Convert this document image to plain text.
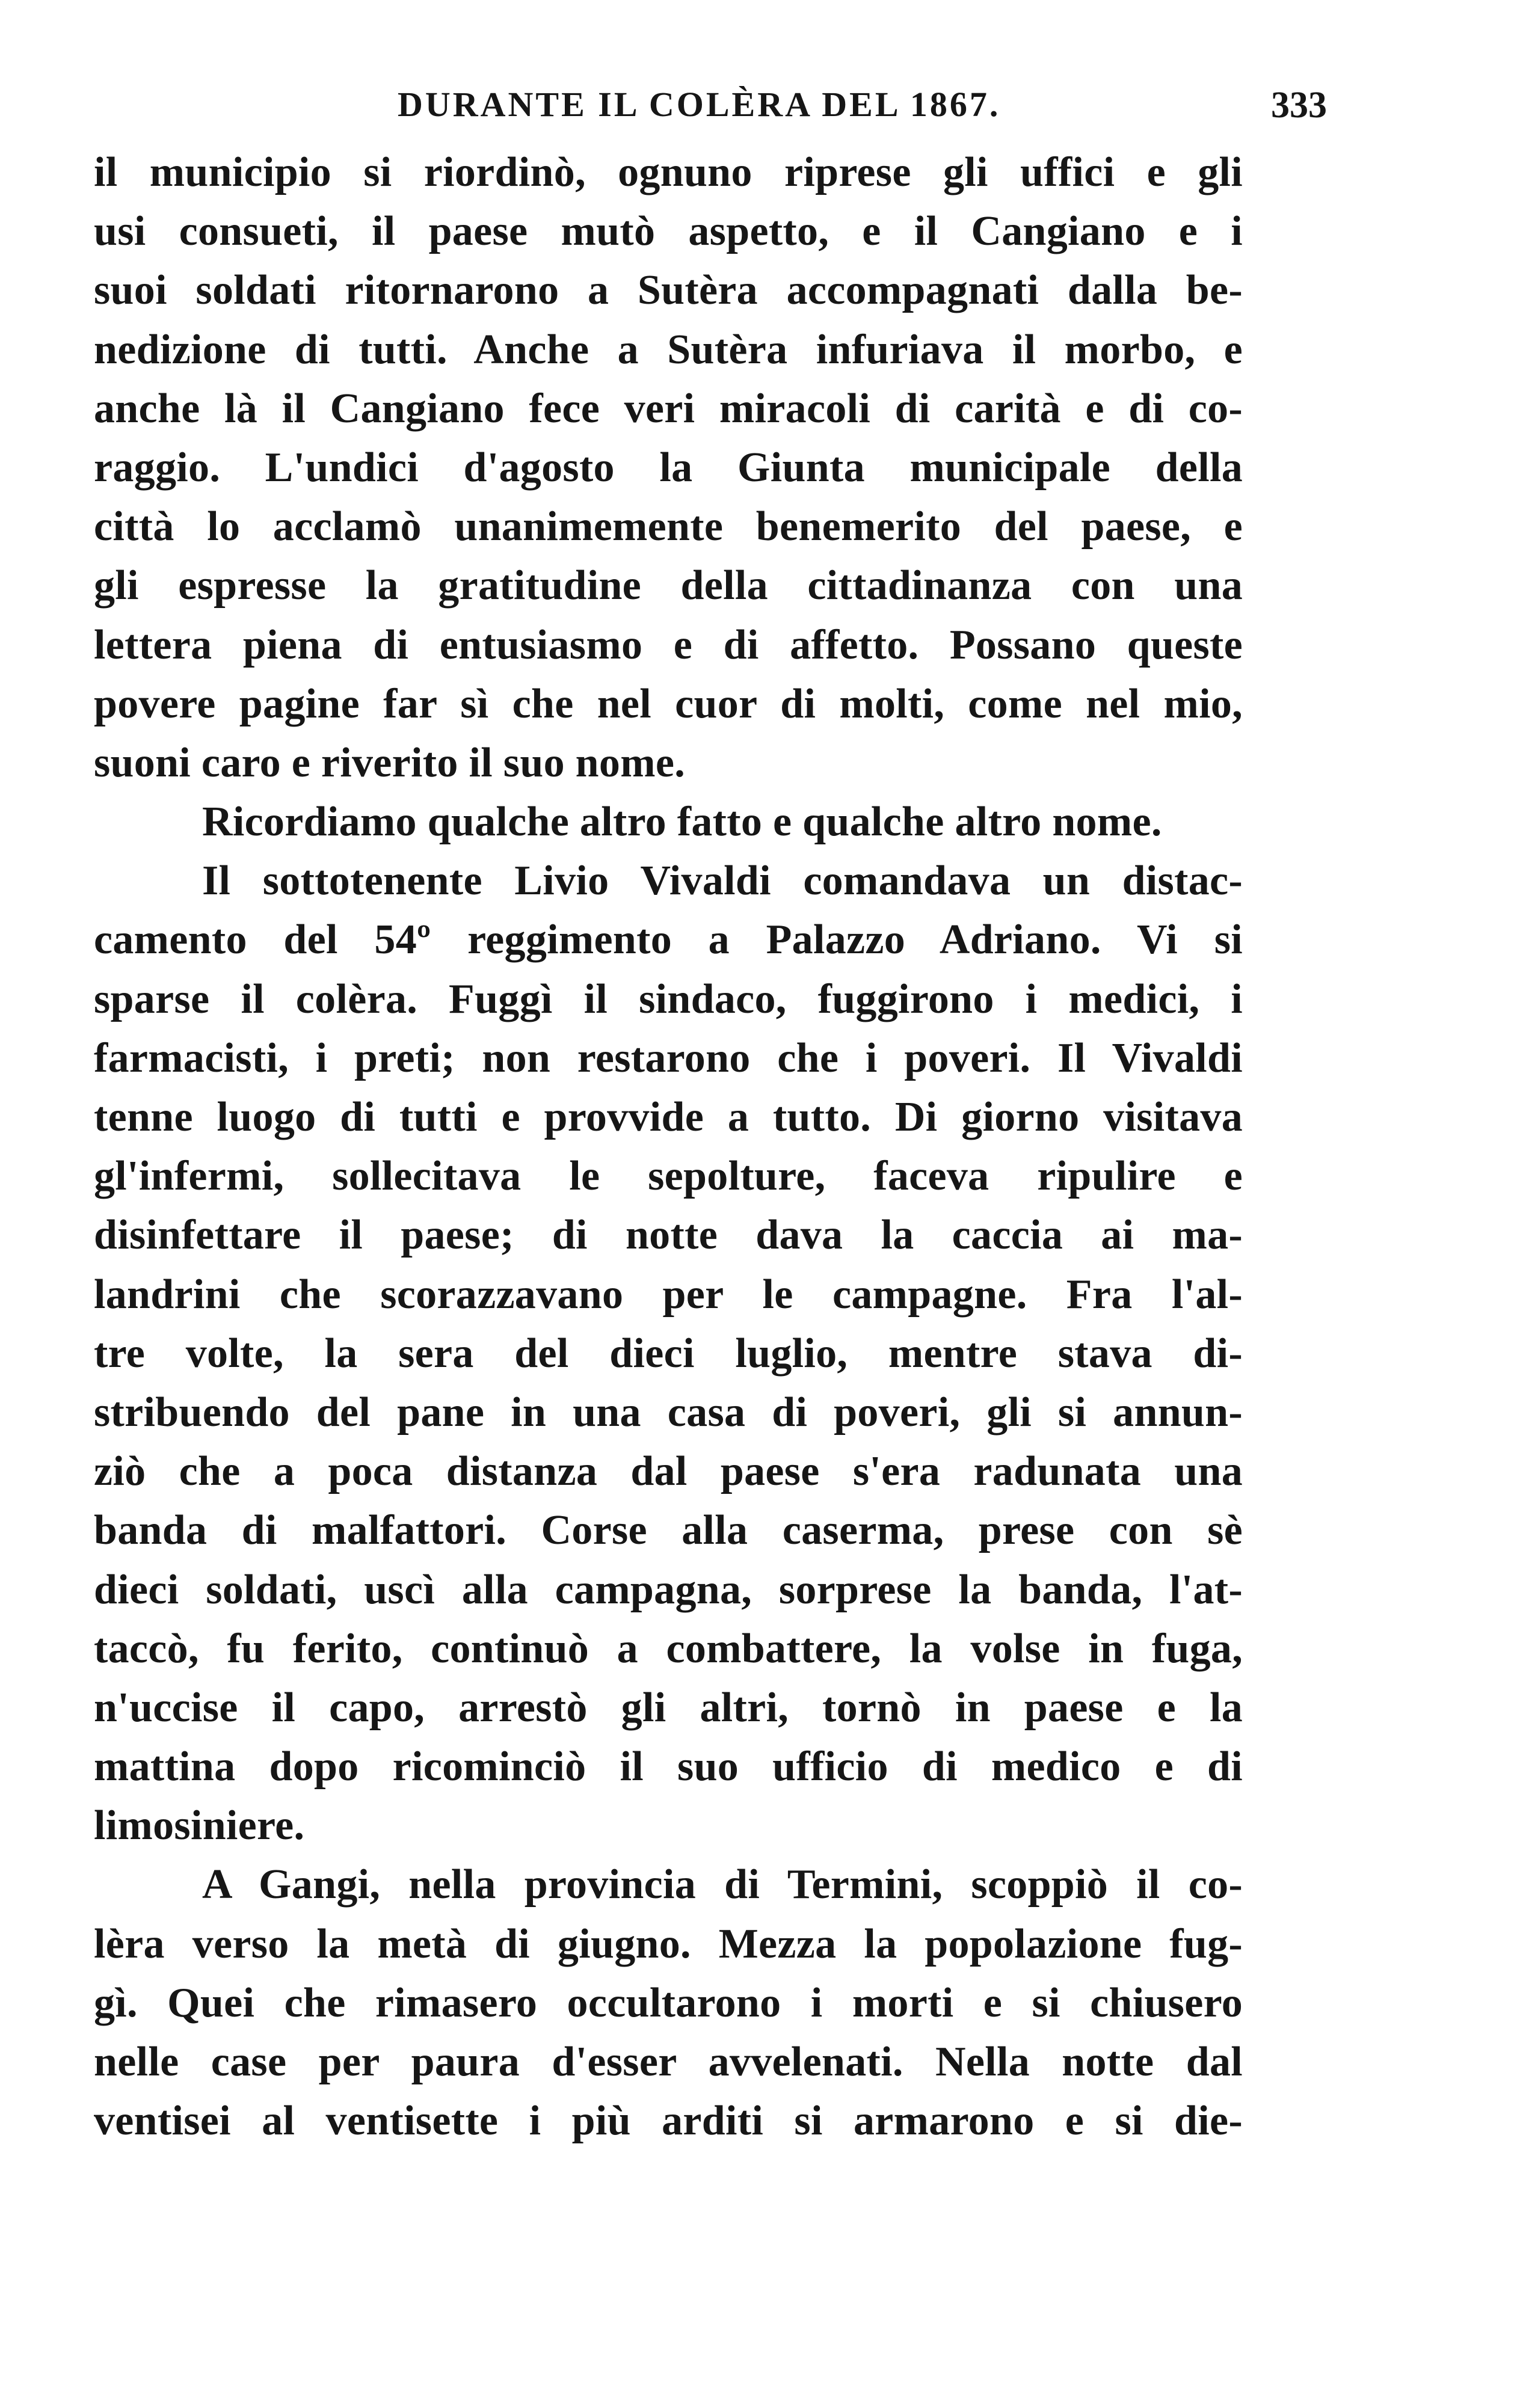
DURANTE IL COLÈRA DEL 1867.	333
il municipio si riordinò, ognuno riprese gli uffici e gli
usi consueti, il paese mutò aspetto, e il Cangiano e i
suoi soldati ritornarono a Sutèra accompagnati dalla be-
nedizione di tutti. Anche a Sutèra infuriava il morbo, e
anche là il Cangiano fece veri miracoli di carità e di co-
raggio. L'undici d'agosto la Giunta municipale della
città lo acclamò unanimemente benemerito del paese, e
gli espresse la gratitudine della cittadinanza con una
lettera piena di entusiasmo e di affetto. Possano queste
povere pagine far sì che nel cuor di molti, come nel mio,
suoni caro e riverito il suo nome.
Ricordiamo qualche altro fatto e qualche altro nome.
Il sottotenente Livio Vivaldi comandava un distac-
camento del 54º reggimento a Palazzo Adriano. Vi si
sparse il colèra. Fuggì il sindaco, fuggirono i medici, i
farmacisti, i preti; non restarono che i poveri. Il Vivaldi
tenne luogo di tutti e provvide a tutto. Di giorno visitava
gl'infermi, sollecitava le sepolture, faceva ripulire e
disinfettare il paese; di notte dava la caccia ai ma-
landrini che scorazzavano per le campagne. Fra l'al-
tre volte, la sera del dieci luglio, mentre stava di-
stribuendo del pane in una casa di poveri, gli si annun-
ziò che a poca distanza dal paese s'era radunata una
banda di malfattori. Corse alla caserma, prese con sè
dieci soldati, uscì alla campagna, sorprese la banda, l'at-
taccò, fu ferito, continuò a combattere, la volse in fuga,
n'uccise il capo, arrestò gli altri, tornò in paese e la
mattina dopo ricominciò il suo ufficio di medico e di
limosiniere.
A Gangi, nella provincia di Termini, scoppiò il co-
lèra verso la metà di giugno. Mezza la popolazione fug-
gì. Quei che rimasero occultarono i morti e si chiusero
nelle case per paura d'esser avvelenati. Nella notte dal
ventisei al ventisette i più arditi si armarono e si die-
